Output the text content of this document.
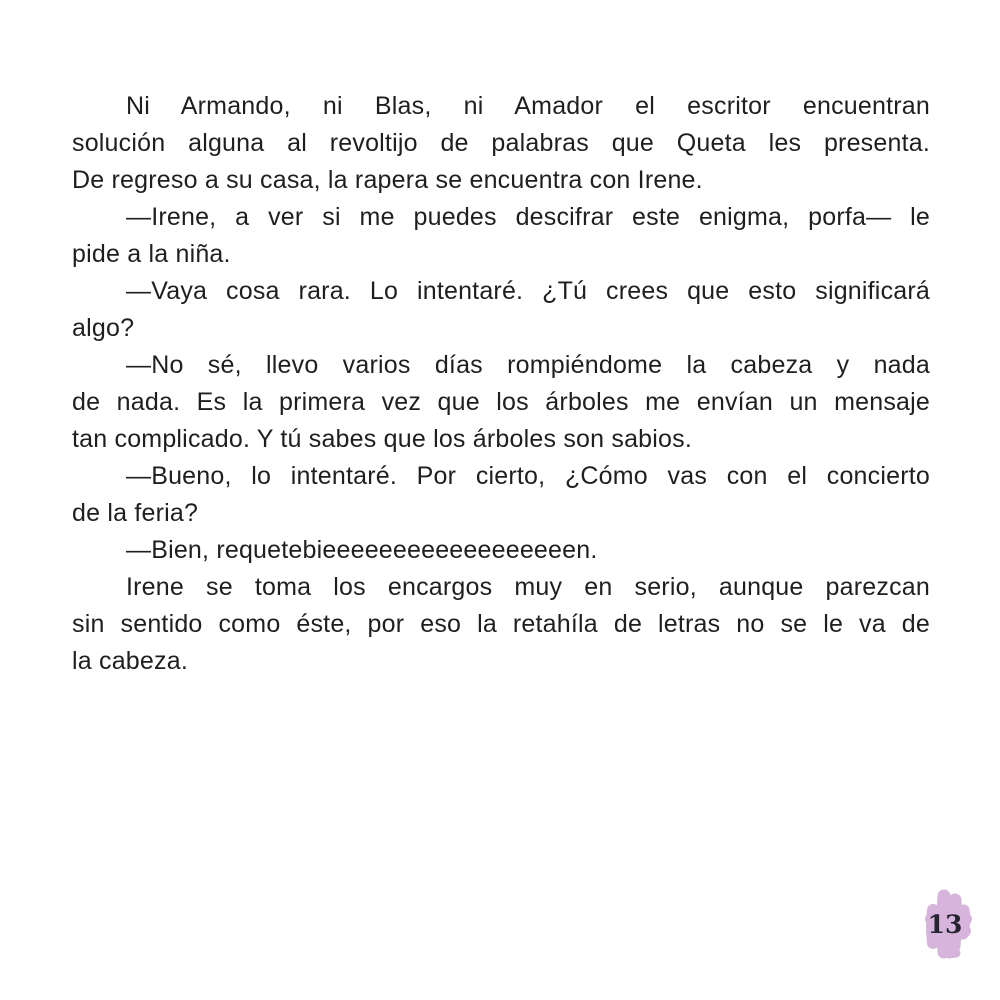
Ni Armando, ni Blas, ni Amador el escritor encuentran
solución alguna al revoltijo de palabras que Queta les presenta.
De regreso a su casa, la rapera se encuentra con Irene.

—Irene, a ver si me puedes descifrar este enigma, porfa— le
pide a la niña.

—Vaya cosa rara. Lo intentaré. ¿Tú crees que esto significará
algo?

—No sé, llevo varios días rompiéndome la cabeza y nada
de nada. Es la primera vez que los árboles me envían un mensaje
tan complicado. Y tú sabes que los árboles son sabios.

—Bueno, lo intentaré. Por cierto, ¿Cómo vas con el concierto
de la feria?

—Bien, requetebieeeeeeeeeeeeeeeeeen.

Irene se toma los encargos muy en serio, aunque parezcan
sin sentido como éste, por eso la retahíla de letras no se le va de
la cabeza.

13
